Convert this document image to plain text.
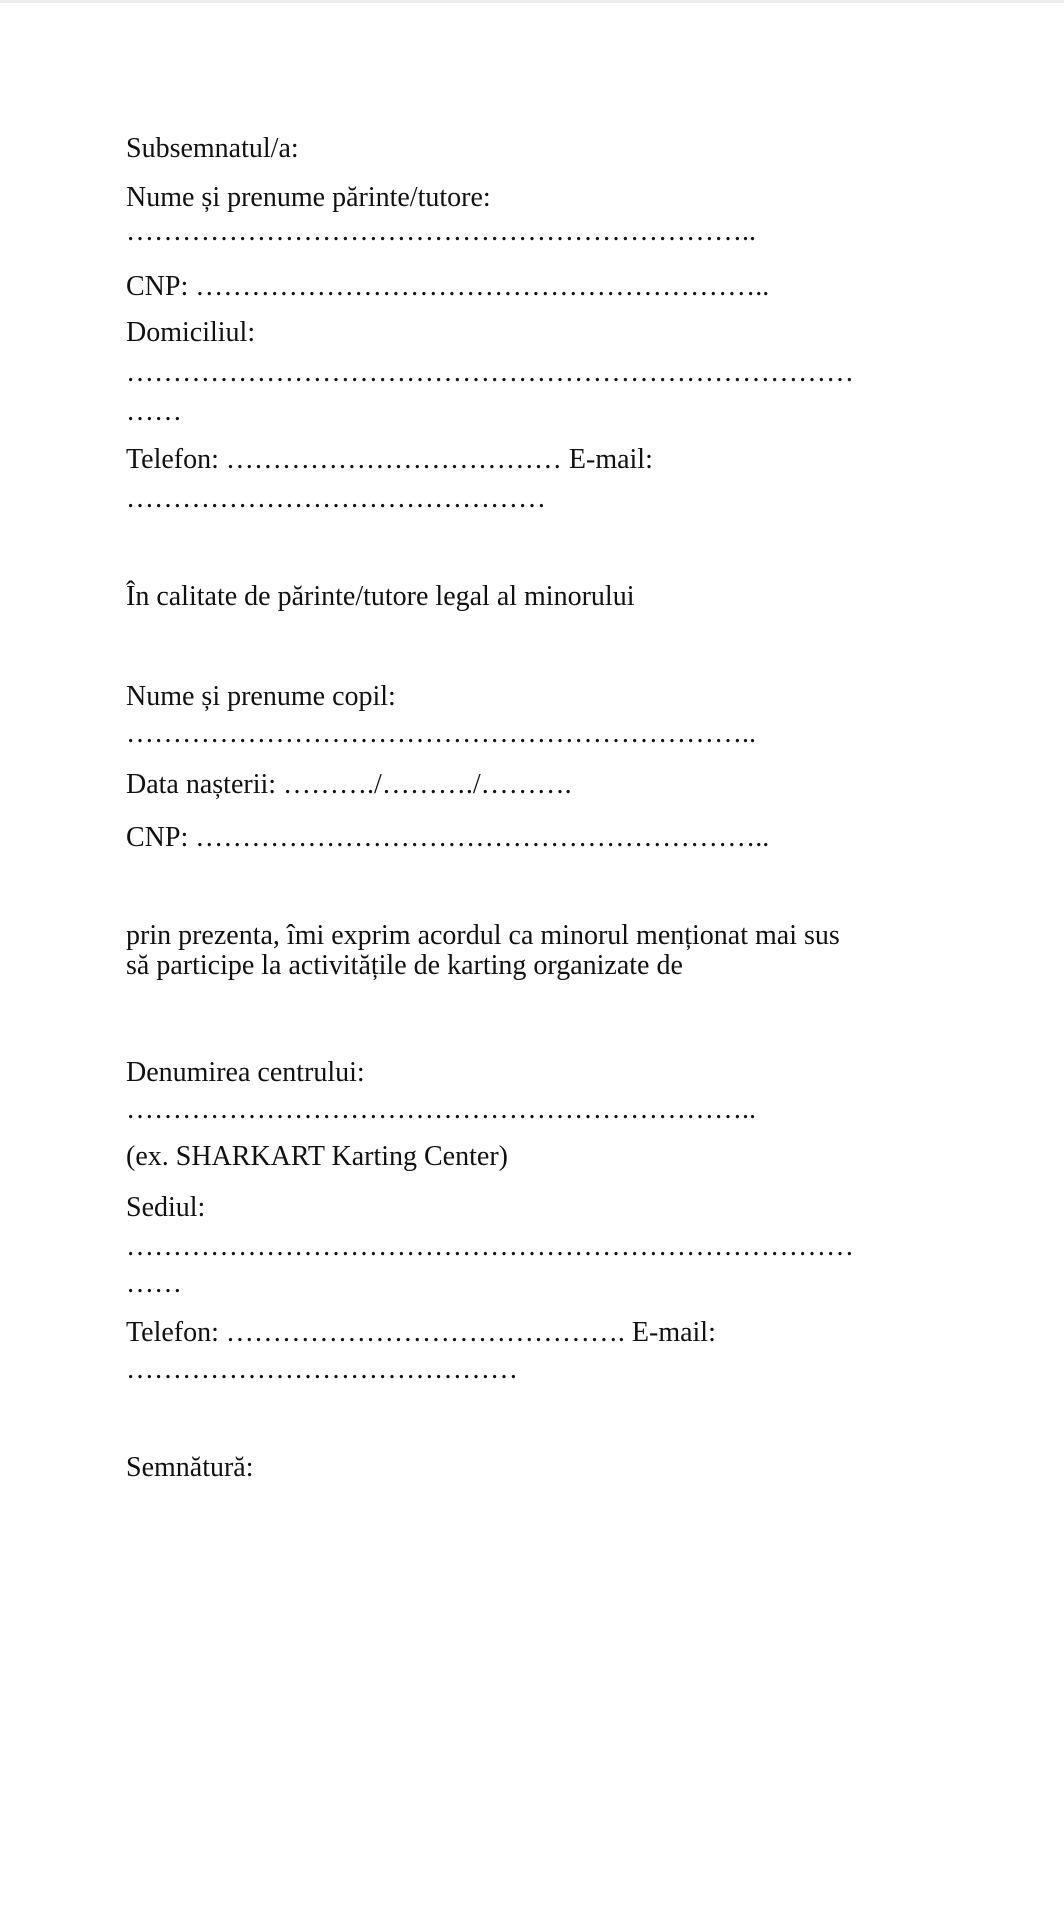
Subsemnatul/a:
Nume și prenume părinte/tutore:
…………………………………………………………..
CNP: ……………………………………………………..
Domiciliul:
……………………………………………………………………
……
Telefon: ……………………………… E-mail:
………………………………………
În calitate de părinte/tutore legal al minorului
Nume și prenume copil:
…………………………………………………………..
Data nașterii: ………./………./……….
CNP: ……………………………………………………..
prin prezenta, îmi exprim acordul ca minorul menționat mai sus
să participe la activitățile de karting organizate de
Denumirea centrului:
…………………………………………………………..
(ex. SHARKART Karting Center)
Sediul:
……………………………………………………………………
……
Telefon: ……………………………………. E-mail:
……………………………………
Semnătură:
